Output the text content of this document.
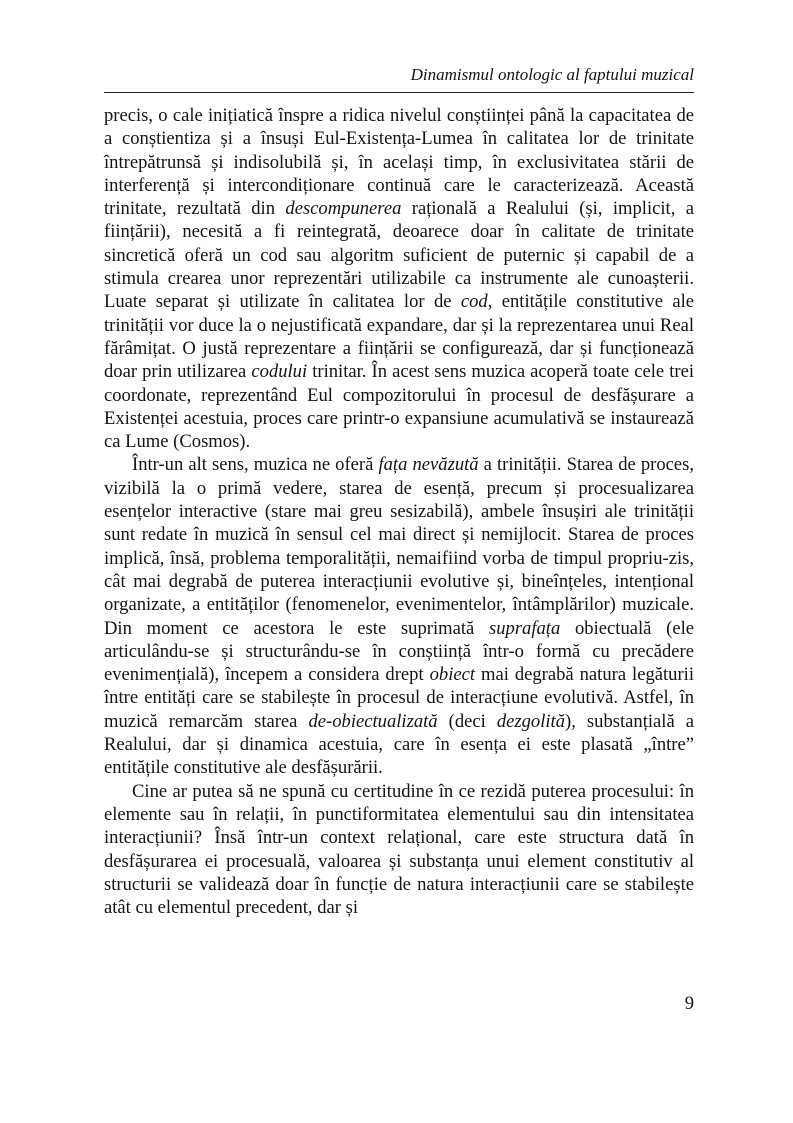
Dinamismul ontologic al faptului muzical

precis, o cale inițiatică înspre a ridica nivelul conștiinței până la capacitatea de a conștientiza și a însuși Eul-Existența-Lumea în calitatea lor de trinitate întrepătrunsă și indisolubilă și, în același timp, în exclusivitatea stării de interferență și intercondiționare continuă care le caracterizează. Această trinitate, rezultată din descompunerea rațională a Realului (și, implicit, a ființării), necesită a fi reintegrată, deoarece doar în calitate de trinitate sincretică oferă un cod sau algoritm suficient de puternic și capabil de a stimula crearea unor reprezentări utilizabile ca instrumente ale cunoașterii. Luate separat și utilizate în calitatea lor de cod, entitățile constitutive ale trinității vor duce la o nejustificată expandare, dar și la reprezentarea unui Real fărâmițat. O justă reprezentare a ființării se configurează, dar și funcționează doar prin utilizarea codului trinitar. În acest sens muzica acoperă toate cele trei coordonate, reprezentând Eul compozitorului în procesul de desfășurare a Existenței acestuia, proces care printr-o expansiune acumulativă se instaurează ca Lume (Cosmos).

Într-un alt sens, muzica ne oferă fața nevăzută a trinității. Starea de proces, vizibilă la o primă vedere, starea de esență, precum și procesualizarea esențelor interactive (stare mai greu sesizabilă), ambele însușiri ale trinității sunt redate în muzică în sensul cel mai direct și nemijlocit. Starea de proces implică, însă, problema temporalității, nemaifiind vorba de timpul propriu-zis, cât mai degrabă de puterea interacțiunii evolutive și, bineînțeles, intențional organizate, a entităților (fenomenelor, evenimentelor, întâmplărilor) muzicale. Din moment ce acestora le este suprimată suprafața obiectuală (ele articulându-se și structurându-se în conștiință într-o formă cu precădere evenimențială), începem a considera drept obiect mai degrabă natura legăturii între entități care se stabilește în procesul de interacțiune evolutivă. Astfel, în muzică remarcăm starea de-obiectualizată (deci dezgolită), substanțială a Realului, dar și dinamica acestuia, care în esența ei este plasată „între” entitățile constitutive ale desfășurării.

Cine ar putea să ne spună cu certitudine în ce rezidă puterea procesului: în elemente sau în relații, în punctiformitatea elementului sau din intensitatea interacțiunii? Însă într-un context relațional, care este structura dată în desfășurarea ei procesuală, valoarea și substanța unui element constitutiv al structurii se validează doar în funcție de natura interacțiunii care se stabilește atât cu elementul precedent, dar și

9
